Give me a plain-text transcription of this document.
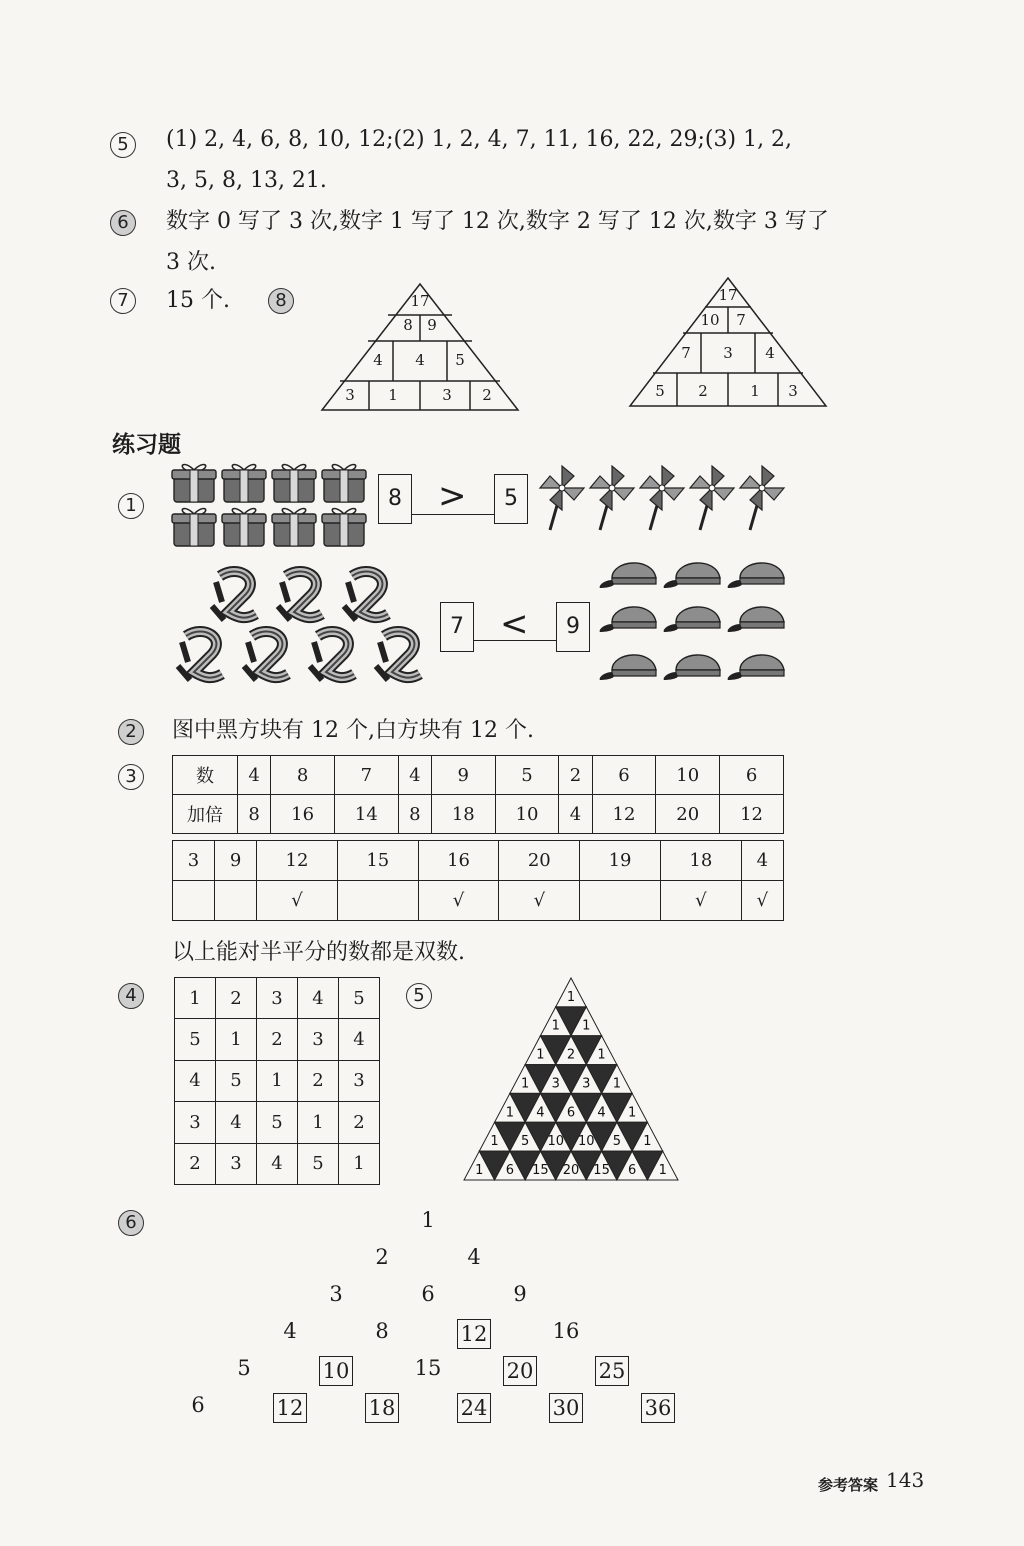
5	(1) 2, 4, 6, 8, 10, 12;(2) 1, 2, 4, 7, 11, 16, 22, 29;(3) 1, 2,
3, 5, 8, 13, 21.
6	数字 0 写了 3 次,数字 1 写了 12 次,数字 2 写了 12 次,数字 3 写了
3 次.
7	15 个.	8	17
8 9
4	4	5
3	1	3	2
17
10	7
7	3	4
5	2	1	3
练习题
1	8 >	5
7 <	9
2	图中黑方块有 12 个,白方块有 12 个.
3	数	4	8	7	4	9	5	2	6	10	6
加倍	8	16	14	8	18	10	4	12	20	12
3	9	12	15	16	20	19	18	4
		√		√	√		√	√
以上能对半平分的数都是双数.
4	1	2	3	4	5
5	1	2	3	4
4	5	1	2	3
3	4	5	1	2
2	3	4	5	1
5	1
1 1
1 2 1
1 3 3 1
1 4 6 4 1
1 5 10 10 5 1
1 6 15 20 15 6 1
6	1
2	4
3	6	9
4	8	12	16
5	10	15	20	25
6	12	18	24	30	36
参考答案 143
